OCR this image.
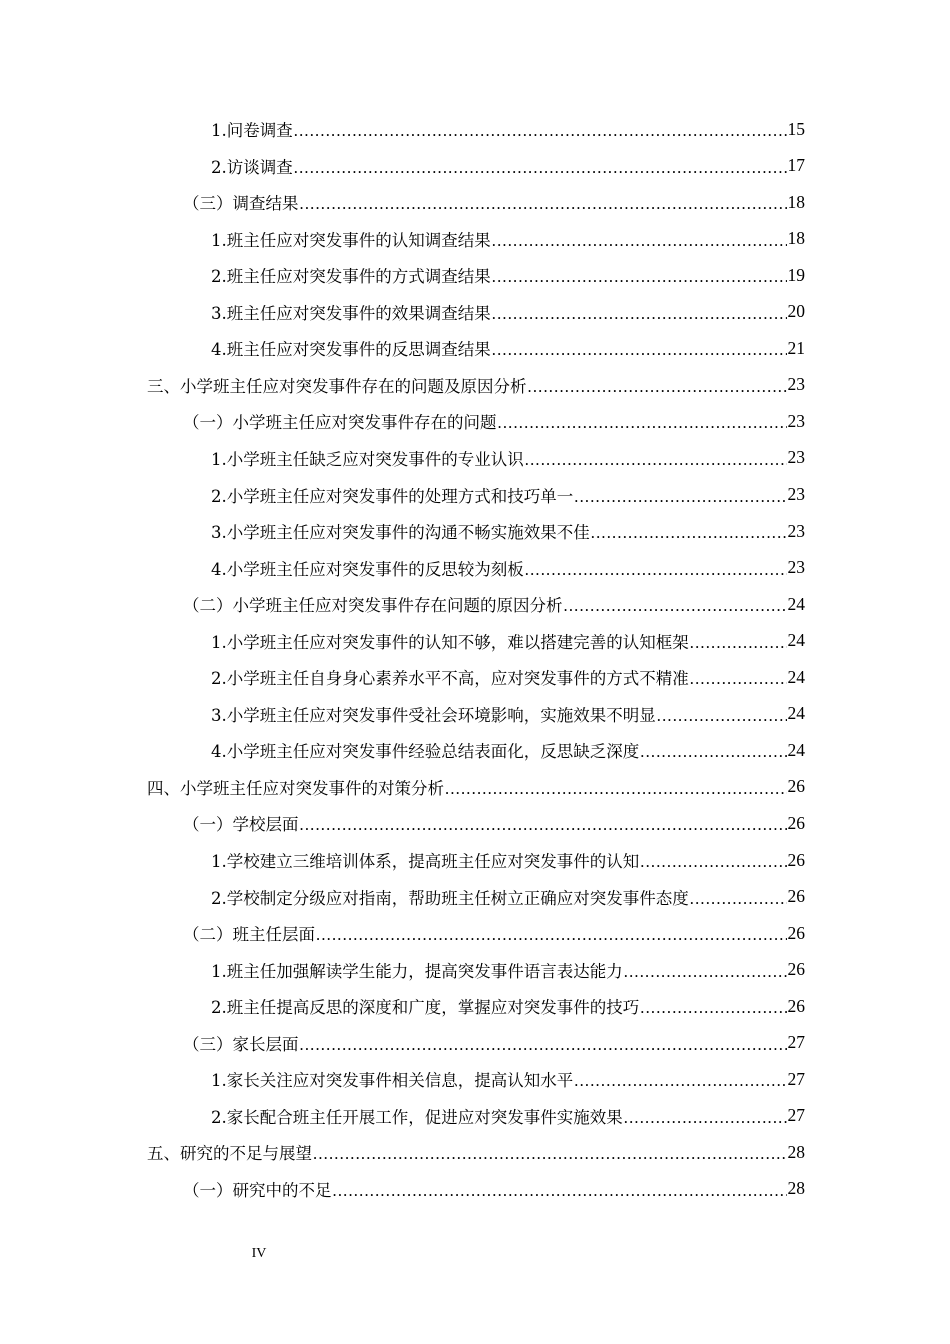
1.问卷调查 .....	15
2.访谈调查 .....	17
（三）调查结果 .....	18
1.班主任应对突发事件的认知调查结果 .....	18
2.班主任应对突发事件的方式调查结果 .....	19
3.班主任应对突发事件的效果调查结果 .....	20
4.班主任应对突发事件的反思调查结果 .....	21
三、小学班主任应对突发事件存在的问题及原因分析 .....	23
（一）小学班主任应对突发事件存在的问题 .....	23
1.小学班主任缺乏应对突发事件的专业认识 .....	23
2.小学班主任应对突发事件的处理方式和技巧单一 .....	23
3.小学班主任应对突发事件的沟通不畅实施效果不佳 .....	23
4.小学班主任应对突发事件的反思较为刻板 .....	23
（二）小学班主任应对突发事件存在问题的原因分析 .....	24
1.小学班主任应对突发事件的认知不够，难以搭建完善的认知框架 .....	24
2.小学班主任自身身心素养水平不高，应对突发事件的方式不精准 .....	24
3.小学班主任应对突发事件受社会环境影响，实施效果不明显 .....	24
4.小学班主任应对突发事件经验总结表面化，反思缺乏深度 .....	24
四、小学班主任应对突发事件的对策分析 .....	26
（一）学校层面 .....	26
1.学校建立三维培训体系，提高班主任应对突发事件的认知 .....	26
2.学校制定分级应对指南，帮助班主任树立正确应对突发事件态度 .....	26
（二）班主任层面 .....	26
1.班主任加强解读学生能力，提高突发事件语言表达能力 .....	26
2.班主任提高反思的深度和广度，掌握应对突发事件的技巧 .....	26
（三）家长层面 .....	27
1.家长关注应对突发事件相关信息，提高认知水平 .....	27
2.家长配合班主任开展工作，促进应对突发事件实施效果 .....	27
五、研究的不足与展望 .....	28
（一）研究中的不足 .....	28
IV
